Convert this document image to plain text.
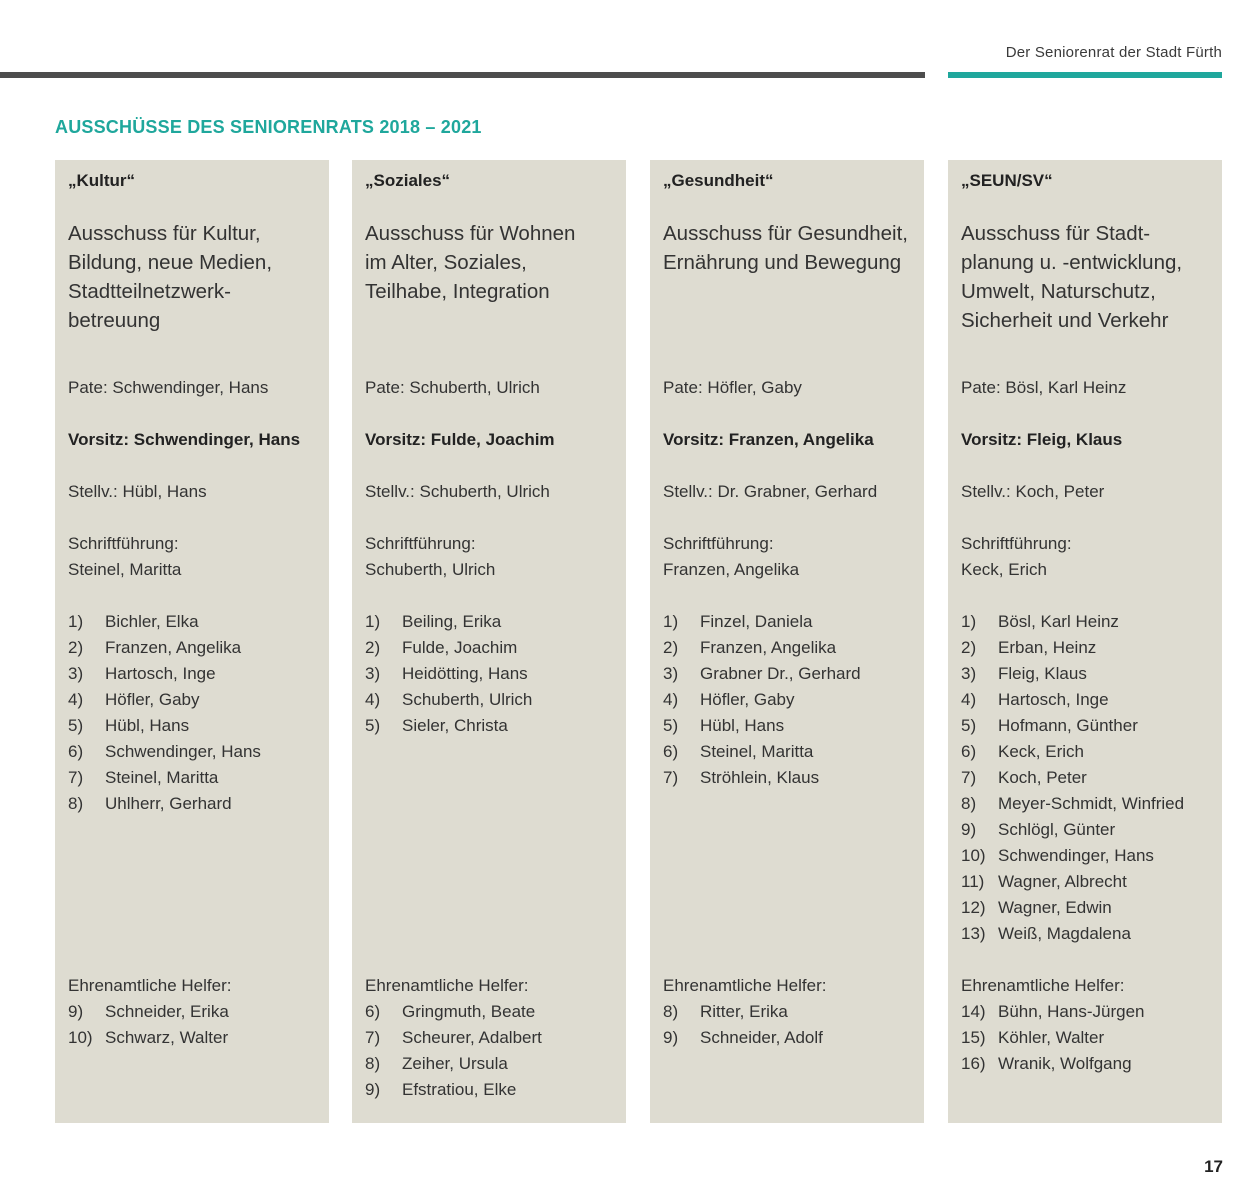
Der Seniorenrat der Stadt Fürth
AUSSCHÜSSE DES SENIORENRATS 2018 – 2021
„Kultur“
Ausschuss für Kultur,
Bildung, neue Medien,
Stadtteilnetzwerk-
betreuung
Pate: Schwendinger, Hans
Vorsitz: Schwendinger, Hans
Stellv.: Hübl, Hans
Schriftführung:
Steinel, Maritta
1) Bichler, Elka
2) Franzen, Angelika
3) Hartosch, Inge
4) Höfler, Gaby
5) Hübl, Hans
6) Schwendinger, Hans
7) Steinel, Maritta
8) Uhlherr, Gerhard
Ehrenamtliche Helfer:
9) Schneider, Erika
10) Schwarz, Walter
„Soziales“
Ausschuss für Wohnen
im Alter, Soziales,
Teilhabe, Integration
Pate: Schuberth, Ulrich
Vorsitz: Fulde, Joachim
Stellv.: Schuberth, Ulrich
Schriftführung:
Schuberth, Ulrich
1) Beiling, Erika
2) Fulde, Joachim
3) Heidötting, Hans
4) Schuberth, Ulrich
5) Sieler, Christa
Ehrenamtliche Helfer:
6) Gringmuth, Beate
7) Scheurer, Adalbert
8) Zeiher, Ursula
9) Efstratiou, Elke
„Gesundheit“
Ausschuss für Gesundheit,
Ernährung und Bewegung
Pate: Höfler, Gaby
Vorsitz: Franzen, Angelika
Stellv.: Dr. Grabner, Gerhard
Schriftführung:
Franzen, Angelika
1) Finzel, Daniela
2) Franzen, Angelika
3) Grabner Dr., Gerhard
4) Höfler, Gaby
5) Hübl, Hans
6) Steinel, Maritta
7) Ströhlein, Klaus
Ehrenamtliche Helfer:
8) Ritter, Erika
9) Schneider, Adolf
„SEUN/SV“
Ausschuss für Stadt-
planung u. -entwicklung,
Umwelt, Naturschutz,
Sicherheit und Verkehr
Pate: Bösl, Karl Heinz
Vorsitz: Fleig, Klaus
Stellv.: Koch, Peter
Schriftführung:
Keck, Erich
1) Bösl, Karl Heinz
2) Erban, Heinz
3) Fleig, Klaus
4) Hartosch, Inge
5) Hofmann, Günther
6) Keck, Erich
7) Koch, Peter
8) Meyer-Schmidt, Winfried
9) Schlögl, Günter
10) Schwendinger, Hans
11) Wagner, Albrecht
12) Wagner, Edwin
13) Weiß, Magdalena
Ehrenamtliche Helfer:
14) Bühn, Hans-Jürgen
15) Köhler, Walter
16) Wranik, Wolfgang
17
